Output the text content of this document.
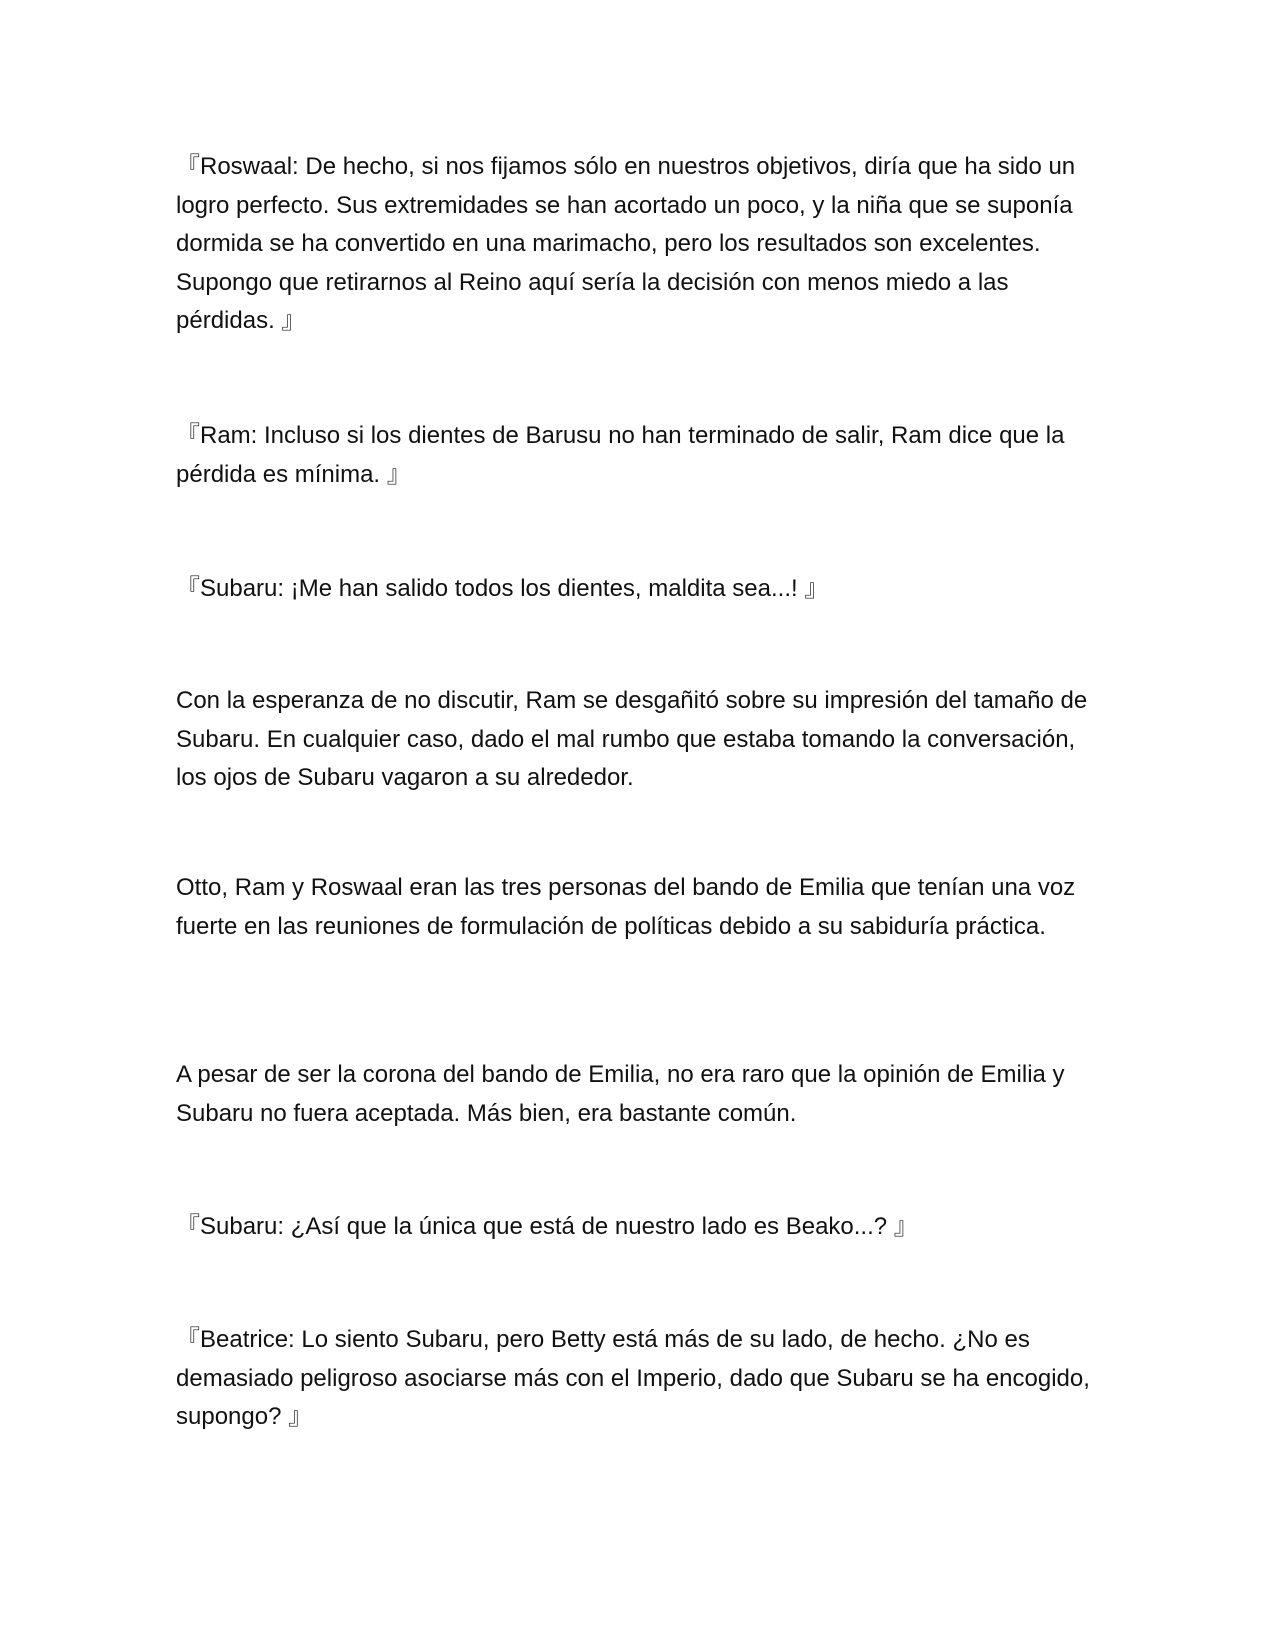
『Roswaal: De hecho, si nos fijamos sólo en nuestros objetivos, diría que ha sido un logro perfecto. Sus extremidades se han acortado un poco, y la niña que se suponía dormida se ha convertido en una marimacho, pero los resultados son excelentes. Supongo que retirarnos al Reino aquí sería la decisión con menos miedo a las pérdidas. 』

『Ram: Incluso si los dientes de Barusu no han terminado de salir, Ram dice que la pérdida es mínima. 』

『Subaru: ¡Me han salido todos los dientes, maldita sea...! 』

Con la esperanza de no discutir, Ram se desgañitó sobre su impresión del tamaño de Subaru. En cualquier caso, dado el mal rumbo que estaba tomando la conversación, los ojos de Subaru vagaron a su alrededor.

Otto, Ram y Roswaal eran las tres personas del bando de Emilia que tenían una voz fuerte en las reuniones de formulación de políticas debido a su sabiduría práctica.

A pesar de ser la corona del bando de Emilia, no era raro que la opinión de Emilia y Subaru no fuera aceptada. Más bien, era bastante común.

『Subaru: ¿Así que la única que está de nuestro lado es Beako...? 』

『Beatrice: Lo siento Subaru, pero Betty está más de su lado, de hecho. ¿No es demasiado peligroso asociarse más con el Imperio, dado que Subaru se ha encogido, supongo? 』
